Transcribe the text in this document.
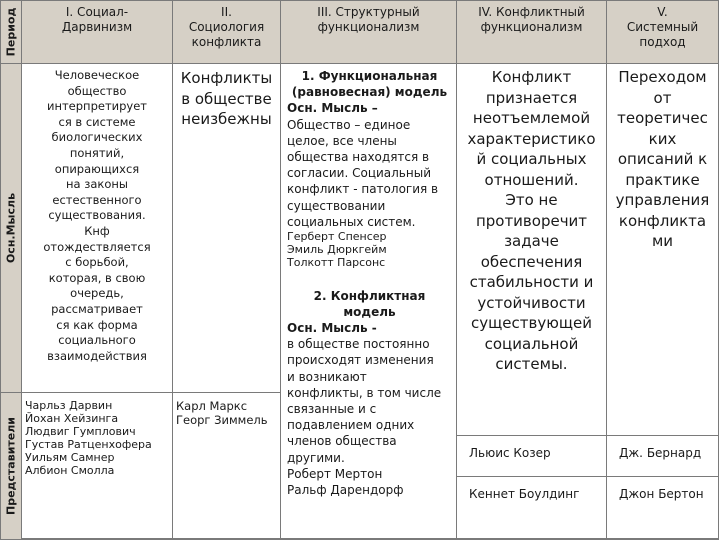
Период
Осн.Мысль
Представители
I. Социал-
Дарвинизм
II.
Социология
конфликта
III. Структурный
функционализм
IV. Конфликтный
функционализм
V.
Системный
подход
Человеческое
общество
интерпретирует
ся в системе
биологических
понятий,
опирающихся
на законы
естественного
существования.
Кнф
отождествляется
с борьбой,
которая, в свою
очередь,
рассматривает
ся как форма
социального
взаимодействия
Конфликты
в обществе
неизбежны
1. Функциональная
(равновесная) модель
Осн. Мысль –
Общество – единое
целое, все члены
общества находятся в
согласии. Социальный
конфликт - патология в
существовании
социальных систем.
Герберт Спенсер
Эмиль Дюркгейм
Толкотт Парсонс
2. Конфликтная
модель
Осн. Мысль -
в обществе постоянно
происходят изменения
и возникают
конфликты, в том числе
связанные и с
подавлением одних
членов общества
другими.
Роберт Мертон
Ральф Дарендорф
Конфликт
признается
неотъемлемой
характеристико
й социальных
отношений.
Это не
противоречит
задаче
обеспечения
стабильности и
устойчивости
существующей
социальной
системы.
Переходом
от
теоретичес
ких
описаний к
практике
управления
конфликта
ми
Чарльз Дарвин
Йохан Хейзинга
Людвиг Гумплович
Густав Ратценхофера
Уильям Самнер
Албион Смолла
Карл Маркс
Георг Зиммель
Льюис Козер	Дж. Бернард
Кеннет Боулдинг	Джон Бертон
